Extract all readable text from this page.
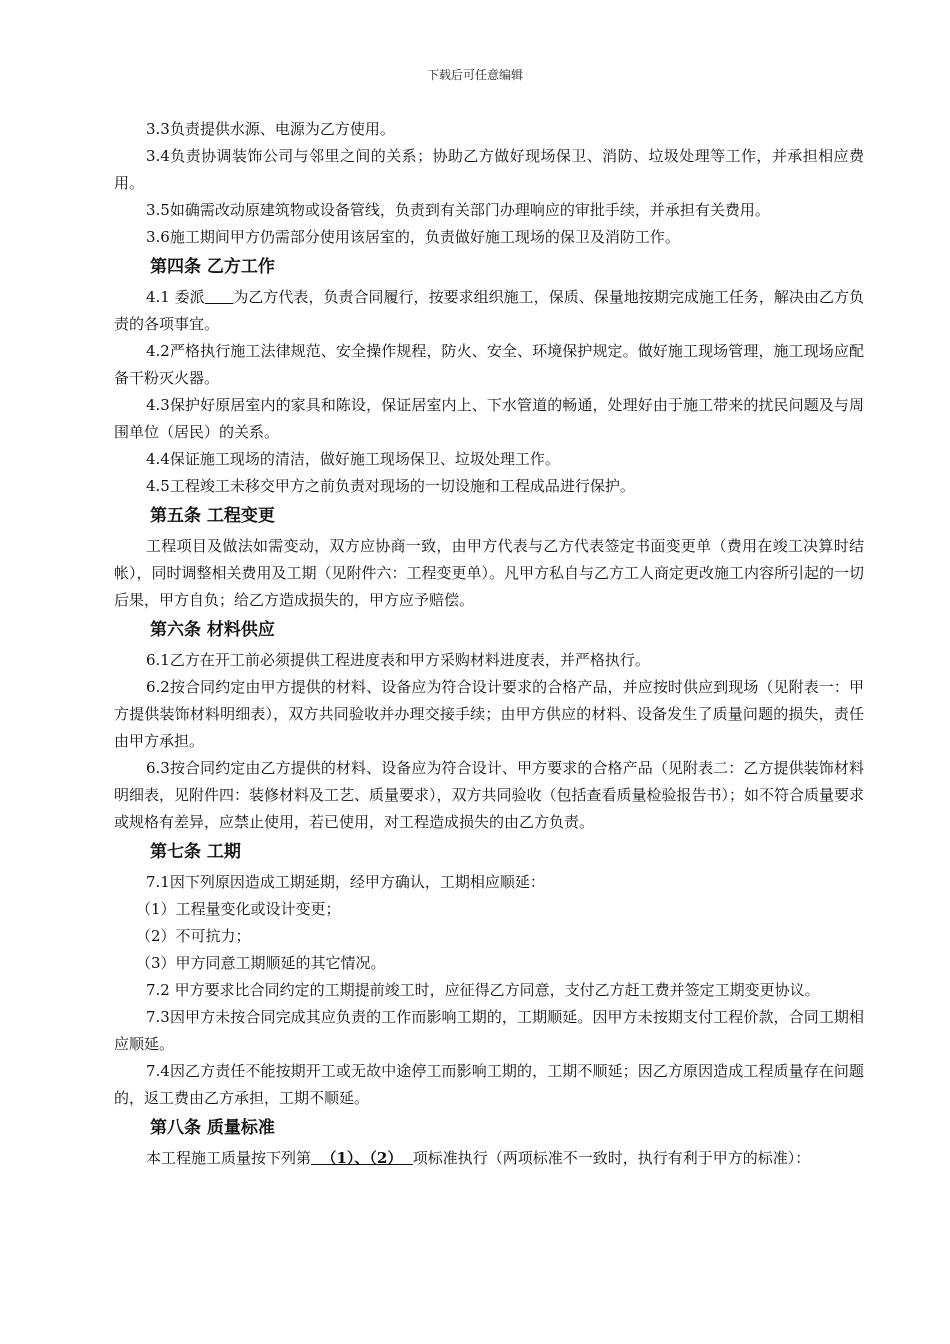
下载后可任意编辑

3.3负责提供水源、电源为乙方使用。

3.4负责协调装饰公司与邻里之间的关系；协助乙方做好现场保卫、消防、垃圾处理等工作，并承担相应费用。

3.5如确需改动原建筑物或设备管线，负责到有关部门办理响应的审批手续，并承担有关费用。

3.6施工期间甲方仍需部分使用该居室的，负责做好施工现场的保卫及消防工作。

第四条 乙方工作

4.1 委派 为乙方代表，负责合同履行，按要求组织施工，保质、保量地按期完成施工任务，解决由乙方负责的各项事宜。

4.2严格执行施工法律规范、安全操作规程，防火、安全、环境保护规定。做好施工现场管理，施工现场应配备干粉灭火器。

4.3保护好原居室内的家具和陈设，保证居室内上、下水管道的畅通，处理好由于施工带来的扰民问题及与周围单位（居民）的关系。

4.4保证施工现场的清洁，做好施工现场保卫、垃圾处理工作。

4.5工程竣工未移交甲方之前负责对现场的一切设施和工程成品进行保护。

第五条 工程变更

工程项目及做法如需变动，双方应协商一致，由甲方代表与乙方代表签定书面变更单（费用在竣工决算时结帐），同时调整相关费用及工期（见附件六：工程变更单）。凡甲方私自与乙方工人商定更改施工内容所引起的一切后果，甲方自负；给乙方造成损失的，甲方应予赔偿。

第六条 材料供应

6.1乙方在开工前必须提供工程进度表和甲方采购材料进度表，并严格执行。

6.2按合同约定由甲方提供的材料、设备应为符合设计要求的合格产品，并应按时供应到现场（见附表一：甲方提供装饰材料明细表），双方共同验收并办理交接手续；由甲方供应的材料、设备发生了质量问题的损失，责任由甲方承担。

6.3按合同约定由乙方提供的材料、设备应为符合设计、甲方要求的合格产品（见附表二：乙方提供装饰材料明细表，见附件四：装修材料及工艺、质量要求），双方共同验收（包括查看质量检验报告书）；如不符合质量要求或规格有差异，应禁止使用，若已使用，对工程造成损失的由乙方负责。

第七条 工期

7.1因下列原因造成工期延期，经甲方确认，工期相应顺延：

（1）工程量变化或设计变更；

（2）不可抗力；

（3）甲方同意工期顺延的其它情况。

7.2 甲方要求比合同约定的工期提前竣工时，应征得乙方同意，支付乙方赶工费并签定工期变更协议。

7.3因甲方未按合同完成其应负责的工作而影响工期的，工期顺延。因甲方未按期支付工程价款，合同工期相应顺延。

7.4因乙方责任不能按期开工或无故中途停工而影响工期的，工期不顺延；因乙方原因造成工程质量存在问题的，返工费由乙方承担，工期不顺延。

第八条 质量标准

本工程施工质量按下列第  （1）、（2）  项标准执行（两项标准不一致时，执行有利于甲方的标准）：
